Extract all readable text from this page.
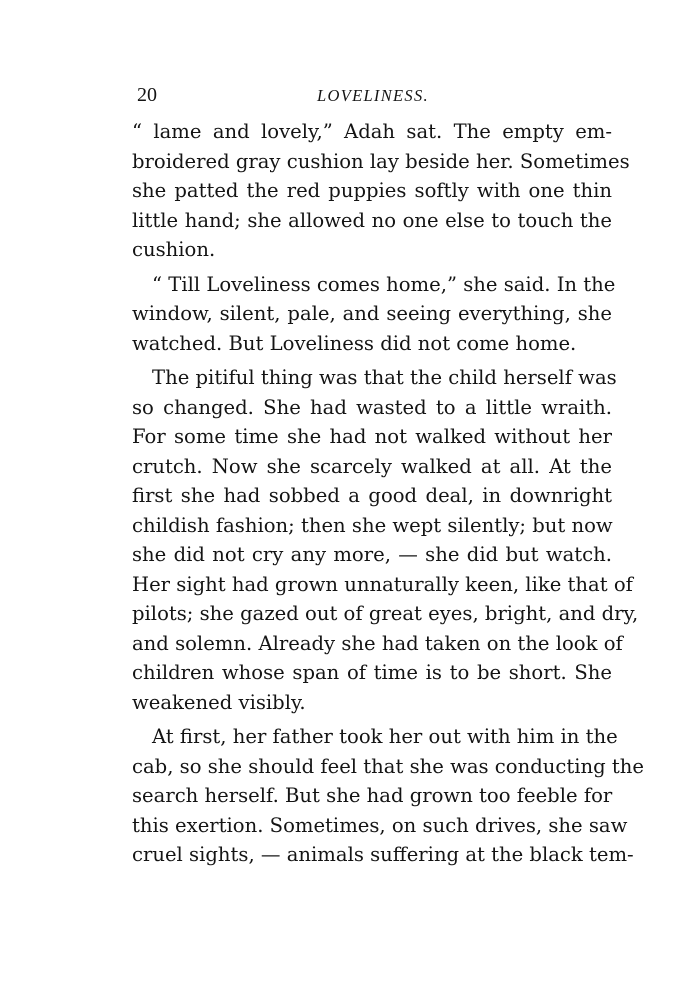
20	LOVELINESS.
“ lame and lovely,” Adah sat. The empty em-
broidered gray cushion lay beside her. Sometimes
she patted the red puppies softly with one thin
little hand; she allowed no one else to touch the
cushion.
“ Till Loveliness comes home,” she said. In the
window, silent, pale, and seeing everything, she
watched. But Loveliness did not come home.
The pitiful thing was that the child herself was
so changed. She had wasted to a little wraith.
For some time she had not walked without her
crutch. Now she scarcely walked at all. At the
first she had sobbed a good deal, in downright
childish fashion; then she wept silently; but now
she did not cry any more, — she did but watch.
Her sight had grown unnaturally keen, like that of
pilots; she gazed out of great eyes, bright, and dry,
and solemn. Already she had taken on the look of
children whose span of time is to be short. She
weakened visibly.
At first, her father took her out with him in the
cab, so she should feel that she was conducting the
search herself. But she had grown too feeble for
this exertion. Sometimes, on such drives, she saw
cruel sights, — animals suffering at the black tem-
